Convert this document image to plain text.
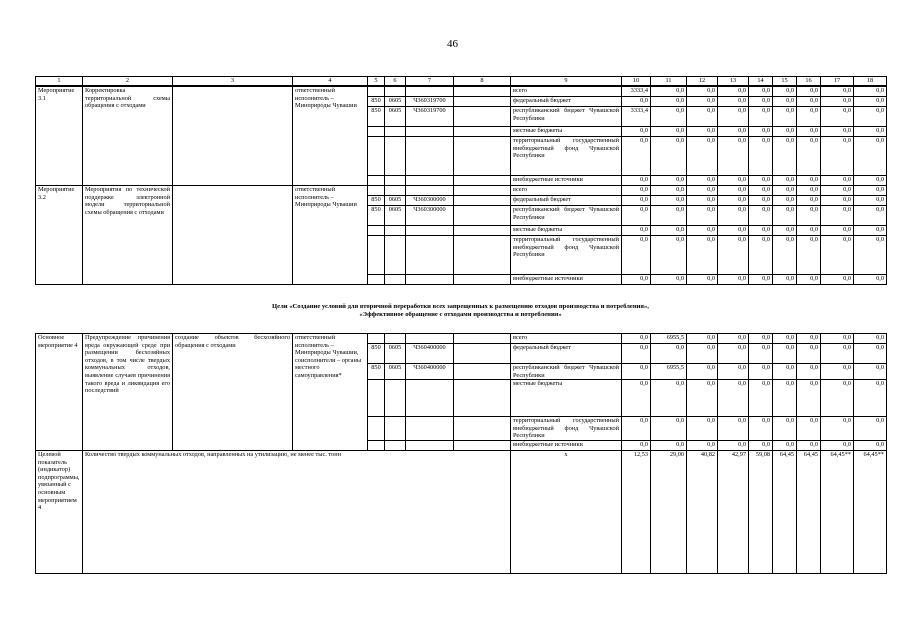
46
1	2	3	4	5	6	7	8	9	10	11	12	13	14	15	16	17	18
Мероприятие 3.1	Корректировка территориальной схемы обращения с отходами		ответственный исполнитель – Минприроды Чувашии					всего	3333,4	0,0	0,0	0,0	0,0	0,0	0,0	0,0	0,0
				850	0605	Ч360319700		федеральный бюджет	0,0	0,0	0,0	0,0	0,0	0,0	0,0	0,0	0,0
				850	0605	Ч360319700		республиканский бюджет Чувашской Республики	3333,4	0,0	0,0	0,0	0,0	0,0	0,0	0,0	0,0
								местные бюджеты	0,0	0,0	0,0	0,0	0,0	0,0	0,0	0,0	0,0
								территориальный государственный внебюджетный фонд Чувашской Республики	0,0	0,0	0,0	0,0	0,0	0,0	0,0	0,0	0,0
								внебюджетные источники	0,0	0,0	0,0	0,0	0,0	0,0	0,0	0,0	0,0
Мероприятие 3.2	Мероприятия по технической поддержке электронной модели территориальной схемы обращения с отходами		ответственный исполнитель – Минприроды Чувашии					всего	0,0	0,0	0,0	0,0	0,0	0,0	0,0	0,0	0,0
				850	0605	Ч360300000		федеральный бюджет	0,0	0,0	0,0	0,0	0,0	0,0	0,0	0,0	0,0
				850	0605	Ч360300000		республиканский бюджет Чувашской Республики	0,0	0,0	0,0	0,0	0,0	0,0	0,0	0,0	0,0
								местные бюджеты	0,0	0,0	0,0	0,0	0,0	0,0	0,0	0,0	0,0
								территориальный государственный внебюджетный фонд Чувашской Республики	0,0	0,0	0,0	0,0	0,0	0,0	0,0	0,0	0,0
								внебюджетные источники	0,0	0,0	0,0	0,0	0,0	0,0	0,0	0,0	0,0
Цели «Создание условий для вторичной переработки всех запрещенных к размещению отходов производства и потребления»,
«Эффективное обращение с отходами производства и потребления»
Основное мероприятие 4	Предупреждение причинения вреда окружающей среде при размещении бесхозяйных отходов, в том числе твердых коммунальных отходов, выявление случаев причинения такого вреда и ликвидация его последствий	создание объектов бесхозяйного обращения с отходами	ответственный исполнитель – Минприроды Чувашии, соисполнители – органы местного самоуправления*					всего	0,0	6955,5	0,0	0,0	0,0	0,0	0,0	0,0	0,0
				850	0605	Ч360400000		федеральный бюджет	0,0	0,0	0,0	0,0	0,0	0,0	0,0	0,0	0,0
				850	0605	Ч360400000		республиканский бюджет Чувашской Республики	0,0	6955,5	0,0	0,0	0,0	0,0	0,0	0,0	0,0
								местные бюджеты	0,0	0,0	0,0	0,0	0,0	0,0	0,0	0,0	0,0
								территориальный государственный внебюджетный фонд Чувашской Республики	0,0	0,0	0,0	0,0	0,0	0,0	0,0	0,0	0,0
								внебюджетные источники	0,0	0,0	0,0	0,0	0,0	0,0	0,0	0,0	0,0
Целевой показатель (индикатор) подпрограммы, увязанный с основным мероприятием 4	Количество твердых коммунальных отходов, направленных на утилизацию, не менее тыс. тонн							x	12,53	29,00	40,82	42,97	59,08	64,45	64,45	64,45**	64,45**
